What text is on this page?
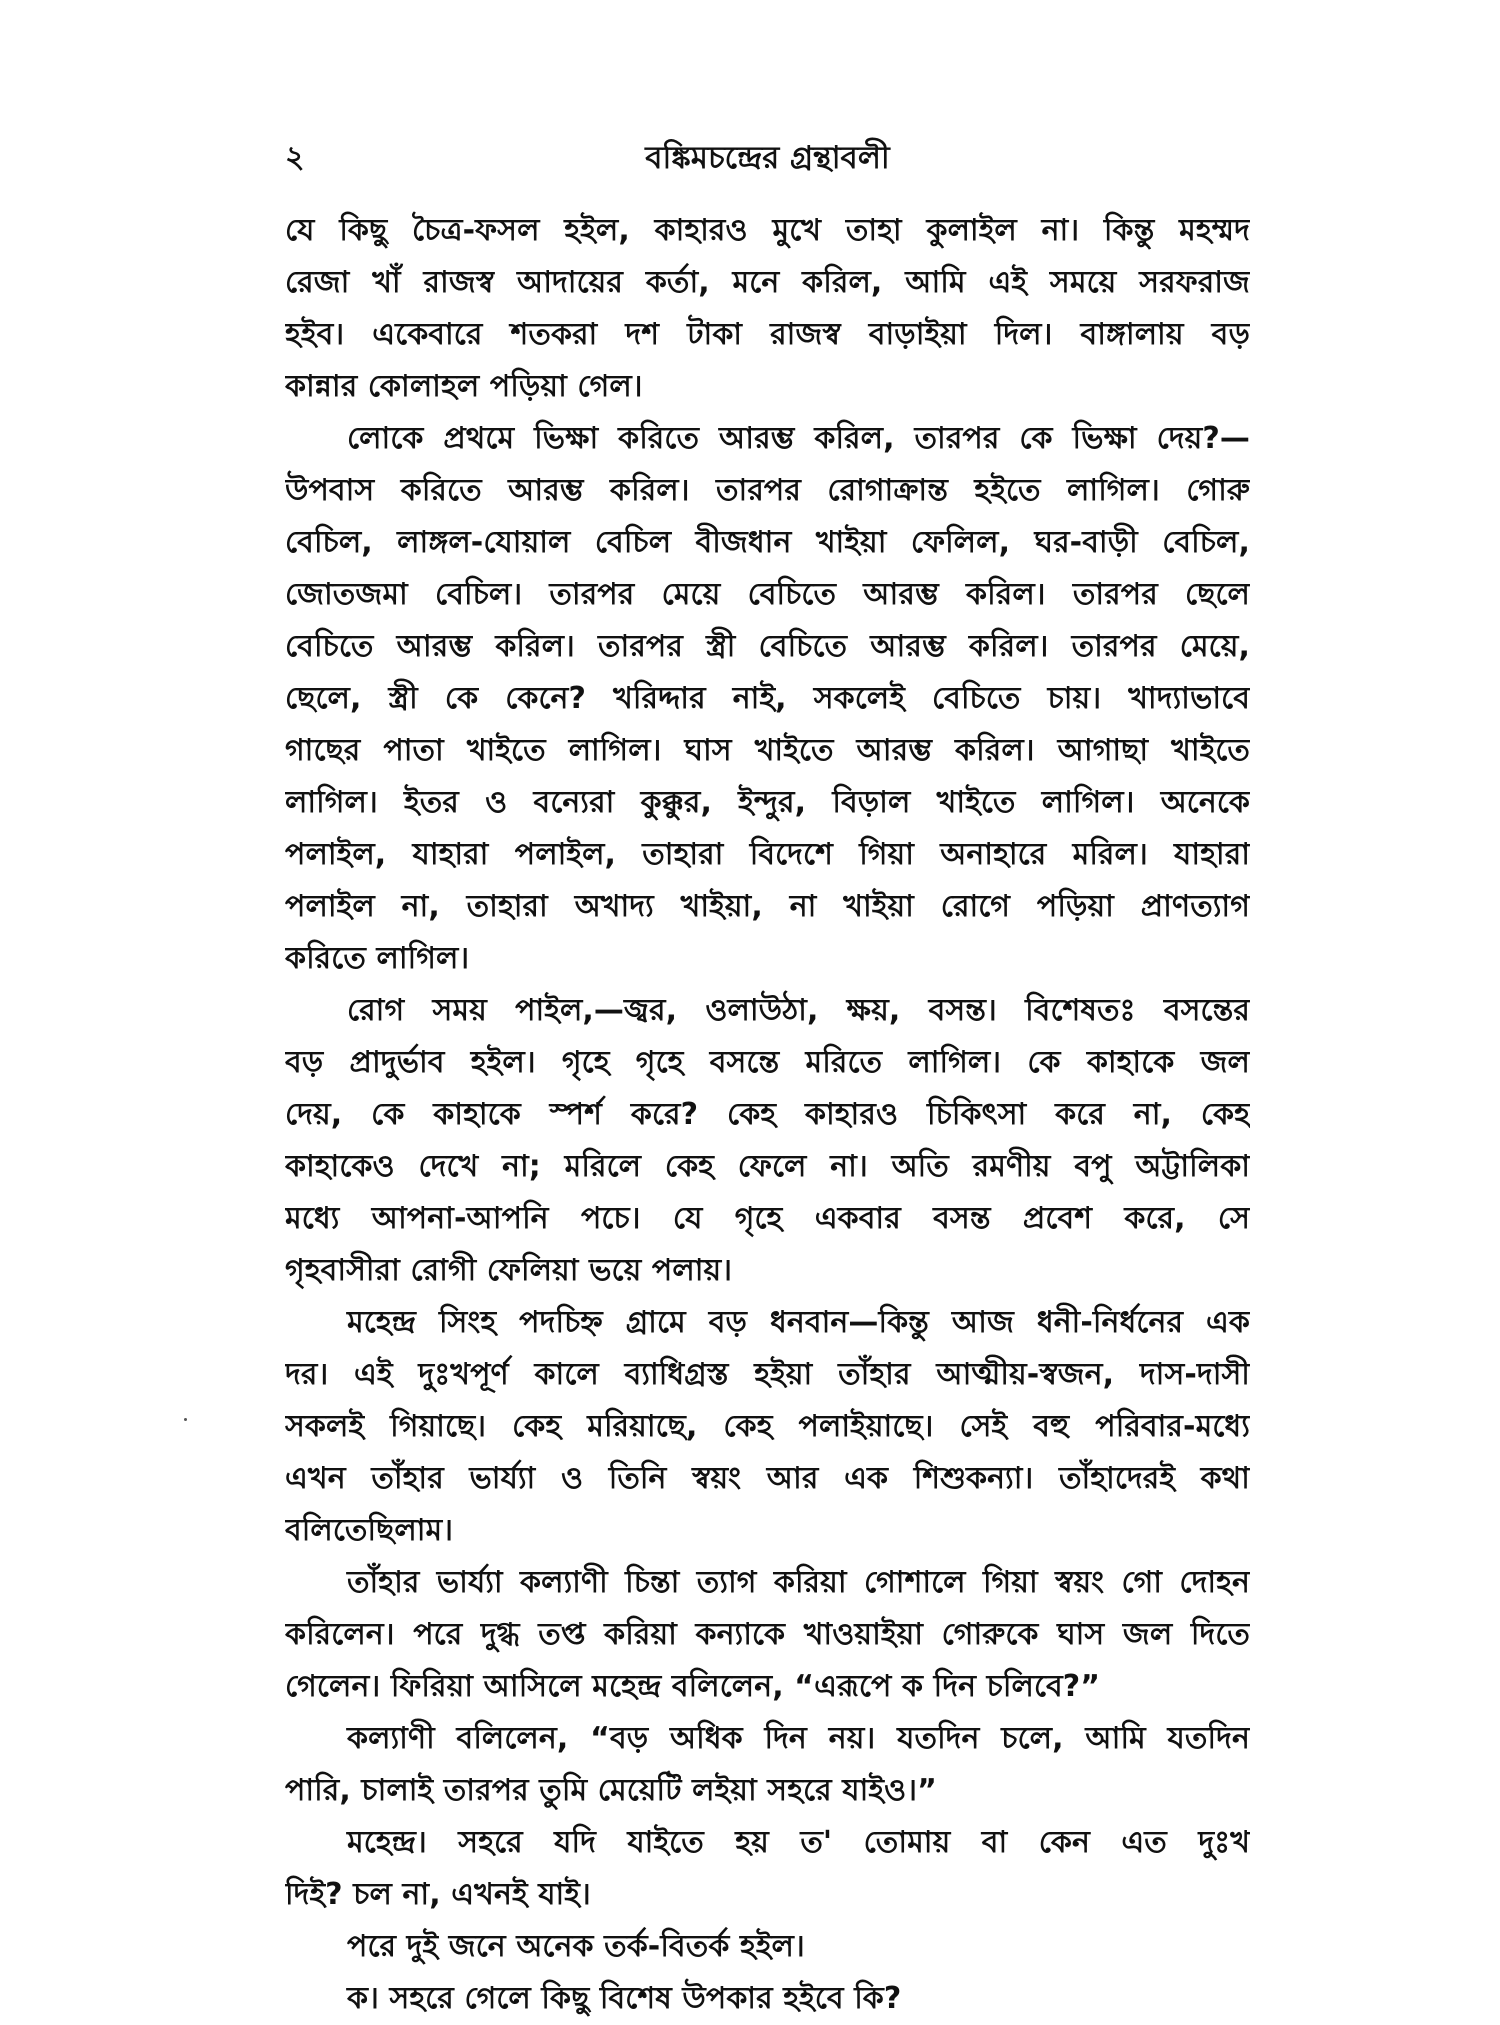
২	বঙ্কিমচন্দ্রের গ্রন্থাবলী
যে কিছু চৈত্র-ফসল হইল, কাহারও মুখে তাহা কুলাইল না। কিন্তু মহম্মদ
রেজা খাঁ রাজস্ব আদায়ের কর্তা, মনে করিল, আমি এই সময়ে সরফরাজ
হইব। একেবারে শতকরা দশ টাকা রাজস্ব বাড়াইয়া দিল। বাঙ্গালায় বড়
কান্নার কোলাহল পড়িয়া গেল।
লোকে প্রথমে ভিক্ষা করিতে আরম্ভ করিল, তারপর কে ভিক্ষা দেয়?—
উপবাস করিতে আরম্ভ করিল। তারপর রোগাক্রান্ত হইতে লাগিল। গোরু
বেচিল, লাঙ্গল-যোয়াল বেচিল বীজধান খাইয়া ফেলিল, ঘর-বাড়ী বেচিল,
জোতজমা বেচিল। তারপর মেয়ে বেচিতে আরম্ভ করিল। তারপর ছেলে
বেচিতে আরম্ভ করিল। তারপর স্ত্রী বেচিতে আরম্ভ করিল। তারপর মেয়ে,
ছেলে, স্ত্রী কে কেনে? খরিদ্দার নাই, সকলেই বেচিতে চায়। খাদ্যাভাবে
গাছের পাতা খাইতে লাগিল। ঘাস খাইতে আরম্ভ করিল। আগাছা খাইতে
লাগিল। ইতর ও বন্যেরা কুক্কুর, ইন্দুর, বিড়াল খাইতে লাগিল। অনেকে
পলাইল, যাহারা পলাইল, তাহারা বিদেশে গিয়া অনাহারে মরিল। যাহারা
পলাইল না, তাহারা অখাদ্য খাইয়া, না খাইয়া রোগে পড়িয়া প্রাণত্যাগ
করিতে লাগিল।
রোগ সময় পাইল,—জ্বর, ওলাউঠা, ক্ষয়, বসন্ত। বিশেষতঃ বসন্তের
বড় প্রাদুর্ভাব হইল। গৃহে গৃহে বসন্তে মরিতে লাগিল। কে কাহাকে জল
দেয়, কে কাহাকে স্পর্শ করে? কেহ কাহারও চিকিৎসা করে না, কেহ
কাহাকেও দেখে না; মরিলে কেহ ফেলে না। অতি রমণীয় বপু অট্টালিকা
মধ্যে আপনা-আপনি পচে। যে গৃহে একবার বসন্ত প্রবেশ করে, সে
গৃহবাসীরা রোগী ফেলিয়া ভয়ে পলায়।
মহেন্দ্র সিংহ পদচিহ্ন গ্রামে বড় ধনবান—কিন্তু আজ ধনী-নির্ধনের এক
দর। এই দুঃখপূর্ণ কালে ব্যাধিগ্রস্ত হইয়া তাঁহার আত্মীয়-স্বজন, দাস-দাসী
সকলই গিয়াছে। কেহ মরিয়াছে, কেহ পলাইয়াছে। সেই বহু পরিবার-মধ্যে
এখন তাঁহার ভার্য্যা ও তিনি স্বয়ং আর এক শিশুকন্যা। তাঁহাদেরই কথা
বলিতেছিলাম।
তাঁহার ভার্য্যা কল্যাণী চিন্তা ত্যাগ করিয়া গোশালে গিয়া স্বয়ং গো দোহন
করিলেন। পরে দুগ্ধ তপ্ত করিয়া কন্যাকে খাওয়াইয়া গোরুকে ঘাস জল দিতে
গেলেন। ফিরিয়া আসিলে মহেন্দ্র বলিলেন, “এরূপে ক দিন চলিবে?”
কল্যাণী বলিলেন, “বড় অধিক দিন নয়। যতদিন চলে, আমি যতদিন
পারি, চালাই তারপর তুমি মেয়েটি লইয়া সহরে যাইও।”
মহেন্দ্র। সহরে যদি যাইতে হয় ত' তোমায় বা কেন এত দুঃখ
দিই? চল না, এখনই যাই।
পরে দুই জনে অনেক তর্ক-বিতর্ক হইল।
ক। সহরে গেলে কিছু বিশেষ উপকার হইবে কি?
